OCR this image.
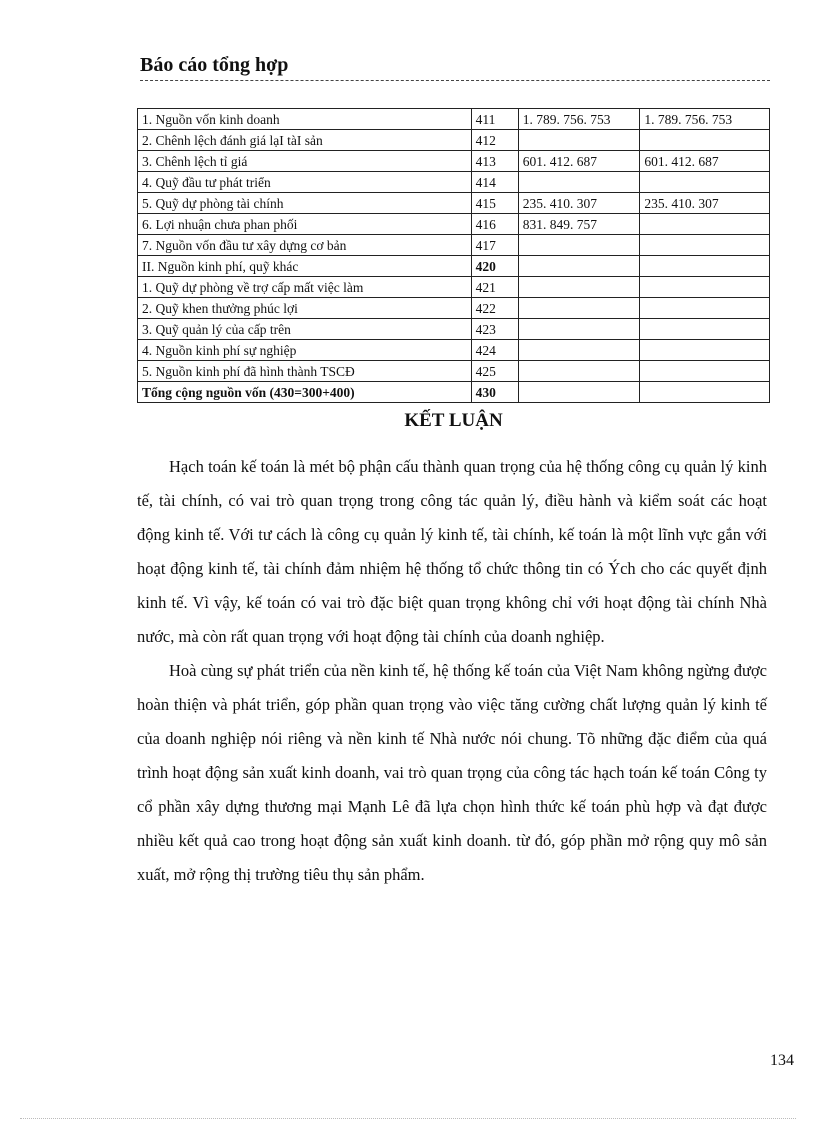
Báo cáo tổng hợp
1. Nguồn vốn kinh doanh	411	1. 789. 756. 753	1. 789. 756. 753
2. Chênh lệch đánh giá lạI tàI sản	412		
3. Chênh lệch tỉ giá	413	601. 412. 687	601. 412. 687
4. Quỹ đầu tư phát triển	414		
5. Quỹ dự phòng tài chính	415	235. 410. 307	235. 410. 307
6. Lợi nhuận chưa phan phối	416	831. 849. 757	
7. Nguồn vốn đầu tư xây dựng cơ bản	417		
II. Nguồn kinh phí, quỹ khác	420		
1. Quỹ dự phòng về trợ cấp mất việc làm	421		
2. Quỹ khen thưởng phúc lợi	422		
3. Quỹ quản lý của cấp trên	423		
4. Nguồn kinh phí sự nghiệp	424		
5. Nguồn kinh phí đã hình thành TSCĐ	425		
Tổng cộng nguồn vốn (430=300+400)	430		
KẾT LUẬN

Hạch toán kế toán là mét bộ phận cấu thành quan trọng của hệ thống công cụ quản lý kinh tế, tài chính, có vai trò quan trọng trong công tác quản lý, điều hành và kiểm soát các hoạt động kinh tế. Với tư cách là công cụ quản lý kinh tế, tài chính, kế toán là một lĩnh vực gắn với hoạt động kinh tế, tài chính đảm nhiệm hệ thống tổ chức thông tin có Ých cho các quyết định kinh tế. Vì vậy, kế toán có vai trò đặc biệt quan trọng không chỉ với hoạt động tài chính Nhà nước, mà còn rất quan trọng với hoạt động tài chính của doanh nghiệp.

Hoà cùng sự phát triển của nền kinh tế, hệ thống kế toán của Việt Nam không ngừng được hoàn thiện và phát triển, góp phần quan trọng vào việc tăng cường chất lượng quản lý kinh tế của doanh nghiệp nói riêng và nền kinh tế Nhà nước nói chung. Tõ những đặc điểm của quá trình hoạt động sản xuất kinh doanh, vai trò quan trọng của công tác hạch toán kế toán Công ty cổ phần xây dựng thương mại Mạnh Lê đã lựa chọn hình thức kế toán phù hợp và đạt được nhiều kết quả cao trong hoạt động sản xuất kinh doanh. từ đó, góp phần mở rộng quy mô sản xuất, mở rộng thị trường tiêu thụ sản phẩm.

134
